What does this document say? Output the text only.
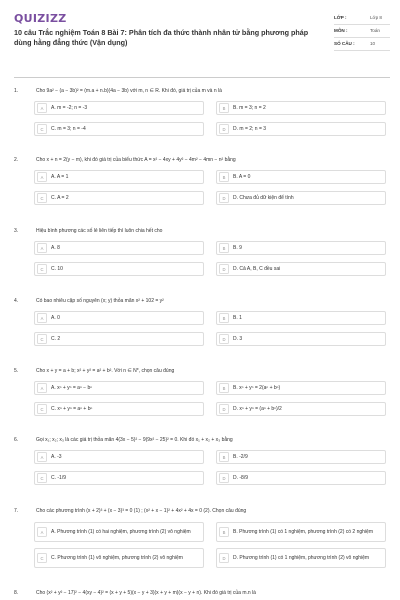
QUIZIZZ
10 câu Trắc nghiệm Toán 8 Bài 7: Phân tích đa thức thành nhân tử bằng phương pháp dùng hằng đẳng thức (Vận dụng)
LỚP :	Lớp 8
MÔN :	Toán
SỐ CÂU :	10
1.	Cho 9a² − (a − 3b)² = (m.a + n.b)(4a − 3b) với m, n ∈ R. Khi đó, giá trị của m và n là
A	A. m = -2; n = -3	B	B. m = 3; n = 2
C	C. m = 3; n = -4	D	D. m = 2; n = 3
2.	Cho x + n = 2(y − m), khi đó giá trị của biểu thức A = x² − 4xy + 4y² − 4m² − 4mn − n² bằng
A	A. A = 1	B	B. A = 0
C	C. A = 2	D	D. Chưa đủ dữ kiện để tính
3.	Hiệu bình phương các số lẻ liên tiếp thì luôn chia hết cho
A	A. 8	B	B. 9
C	C. 10	D	D. Cả A, B, C đều sai
4.	Có bao nhiêu cặp số nguyên (x; y) thỏa mãn x² + 102 = y²
A	A. 0	B	B. 1
C	C. 2	D	D. 3
5.	Cho x + y = a + b; x² + y² = a² + b². Với n ∈ N*, chọn câu đúng
A	A. xⁿ + yⁿ = aⁿ − bⁿ	B	B. xⁿ + yⁿ = 2(aⁿ + bⁿ)
C	C. xⁿ + yⁿ = aⁿ + bⁿ	D	D. xⁿ + yⁿ = (aⁿ + bⁿ)/2
6.	Gọi x₁; x₂; x₃ là các giá trị thỏa mãn 4(3x − 5)² − 9(9x² − 25)² = 0. Khi đó x₁ + x₂ + x₃ bằng
A	A. -3	B	B. -2/9
C	C. -1/9	D	D. -8/9
7.	Cho các phương trình (x + 2)³ + (x − 3)³ = 0 (1) ; (x² + x − 1)² + 4x² + 4x = 0 (2). Chọn câu đúng
A	A. Phương trình (1) có hai nghiệm, phương trình (2) vô nghiệm	B	B. Phương trình (1) có 1 nghiệm, phương trình (2) có 2 nghiệm
C	C. Phương trình (1) vô nghiệm, phương trình (2) vô nghiệm	D	D. Phương trình (1) có 1 nghiệm, phương trình (2) vô nghiệm
8.	Cho (x² + y² − 17)² − 4(xy − 4)² = (x + y + 5)(x − y + 3)(x + y + m)(x − y + n). Khi đó giá trị của m.n là
